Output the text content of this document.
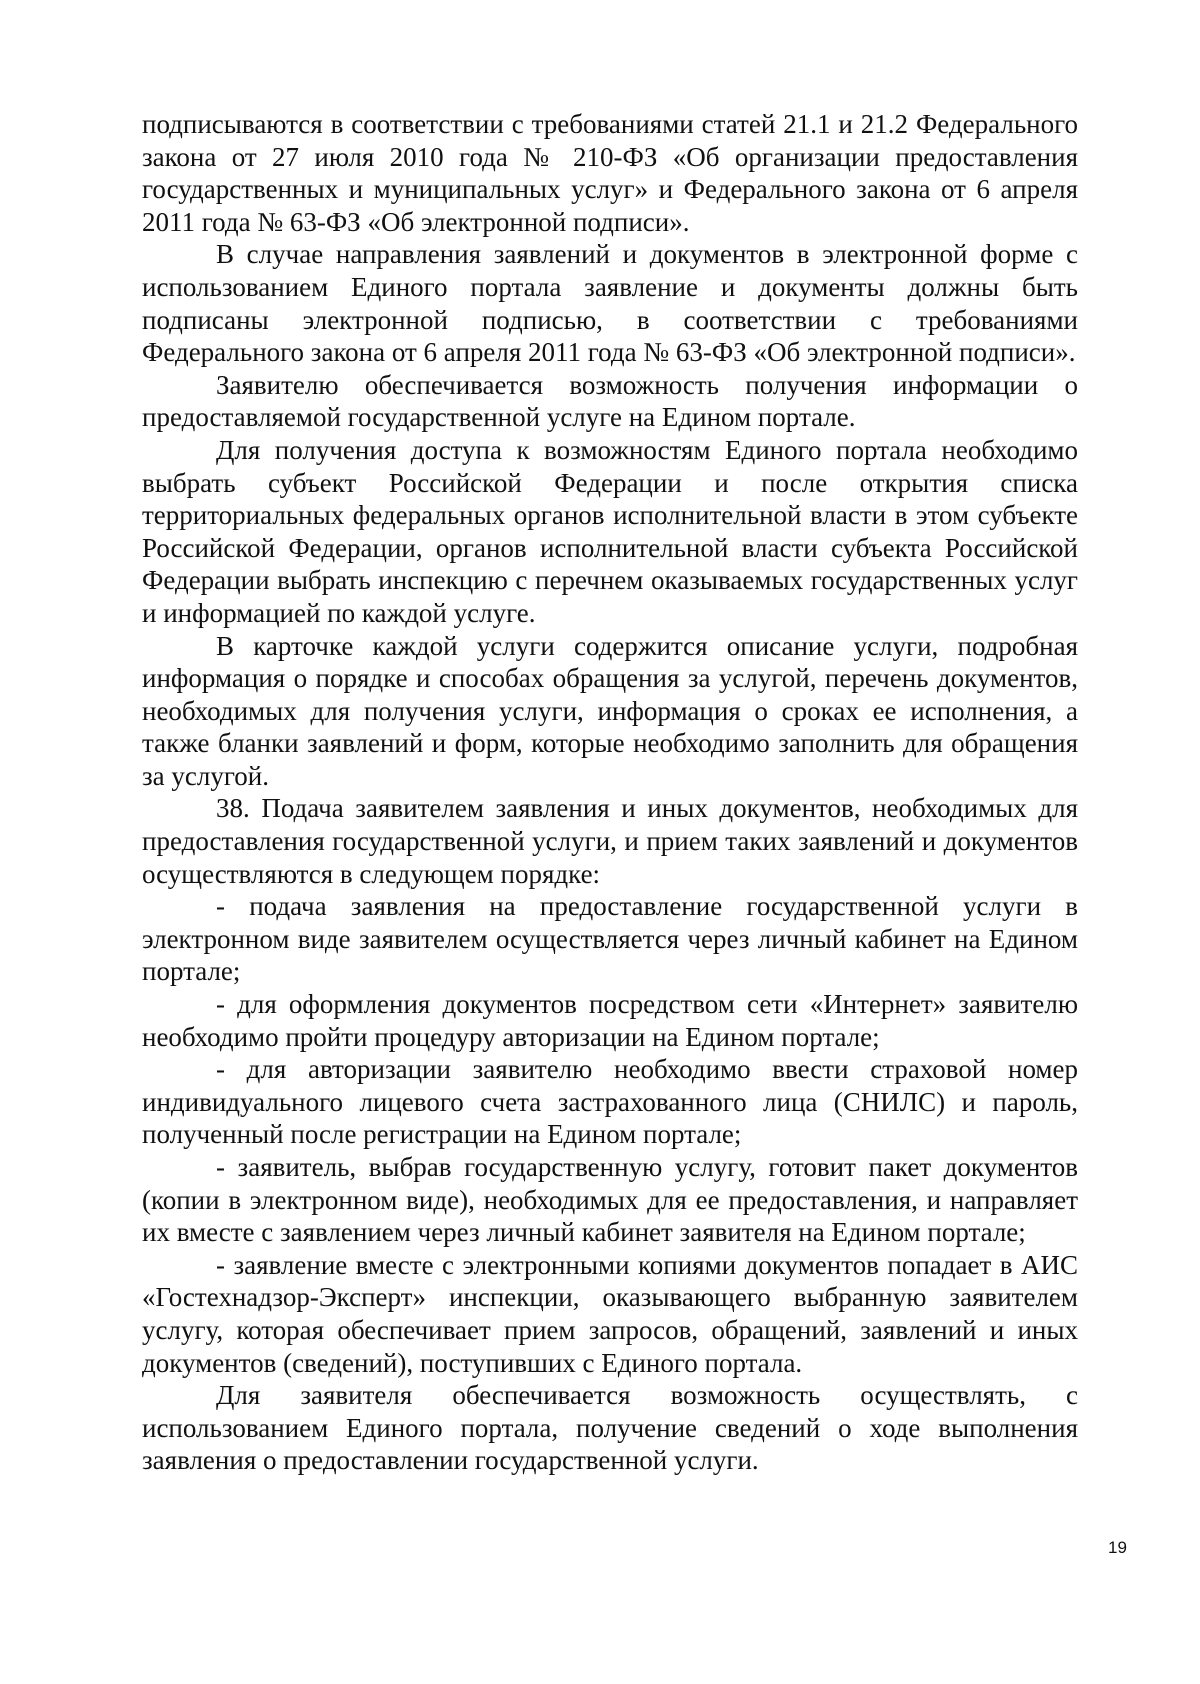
подписываются в соответствии с требованиями статей 21.1 и 21.2 Федерального закона от 27 июля 2010 года № 210-ФЗ «Об организации предоставления государственных и муниципальных услуг» и Федерального закона от 6 апреля 2011 года № 63-ФЗ «Об электронной подписи».

В случае направления заявлений и документов в электронной форме с использованием Единого портала заявление и документы должны быть подписаны электронной подписью, в соответствии с требованиями Федерального закона от 6 апреля 2011 года № 63-ФЗ «Об электронной подписи».

Заявителю обеспечивается возможность получения информации о предоставляемой государственной услуге на Едином портале.

Для получения доступа к возможностям Единого портала необходимо выбрать субъект Российской Федерации и после открытия списка территориальных федеральных органов исполнительной власти в этом субъекте Российской Федерации, органов исполнительной власти субъекта Российской Федерации выбрать инспекцию с перечнем оказываемых государственных услуг и информацией по каждой услуге.

В карточке каждой услуги содержится описание услуги, подробная информация о порядке и способах обращения за услугой, перечень документов, необходимых для получения услуги, информация о сроках ее исполнения, а также бланки заявлений и форм, которые необходимо заполнить для обращения за услугой.

38. Подача заявителем заявления и иных документов, необходимых для предоставления государственной услуги, и прием таких заявлений и документов осуществляются в следующем порядке:

- подача заявления на предоставление государственной услуги в электронном виде заявителем осуществляется через личный кабинет на Едином портале;

- для оформления документов посредством сети «Интернет» заявителю необходимо пройти процедуру авторизации на Едином портале;

- для авторизации заявителю необходимо ввести страховой номер индивидуального лицевого счета застрахованного лица (СНИЛС) и пароль, полученный после регистрации на Едином портале;

- заявитель, выбрав государственную услугу, готовит пакет документов (копии в электронном виде), необходимых для ее предоставления, и направляет их вместе с заявлением через личный кабинет заявителя на Едином портале;

- заявление вместе с электронными копиями документов попадает в АИС «Гостехнадзор-Эксперт» инспекции, оказывающего выбранную заявителем услугу, которая обеспечивает прием запросов, обращений, заявлений и иных документов (сведений), поступивших с Единого портала.

Для заявителя обеспечивается возможность осуществлять, с использованием Единого портала, получение сведений о ходе выполнения заявления о предоставлении государственной услуги.

19
